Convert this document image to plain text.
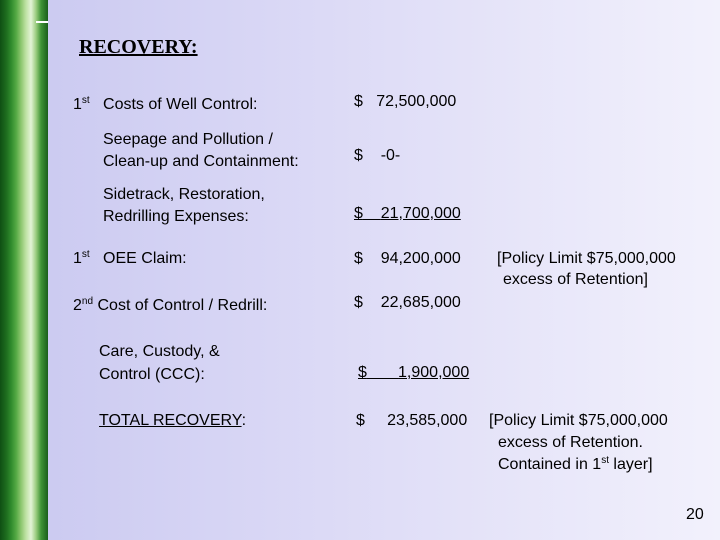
RECOVERY:
1st Costs of Well Control:	$ 72,500,000
Seepage and Pollution /
Clean-up and Containment:	$ -0-
Sidetrack, Restoration,
Redrilling Expenses:	$ 21,700,000
1st OEE Claim:	$ 94,200,000 [Policy Limit $75,000,000
excess of Retention]
2nd Cost of Control / Redrill:	$ 22,685,000
Care, Custody, &
Control (CCC):	$ 1,900,000
TOTAL RECOVERY:	$ 23,585,000 [Policy Limit $75,000,000
excess of Retention.
Contained in 1st layer]
20
